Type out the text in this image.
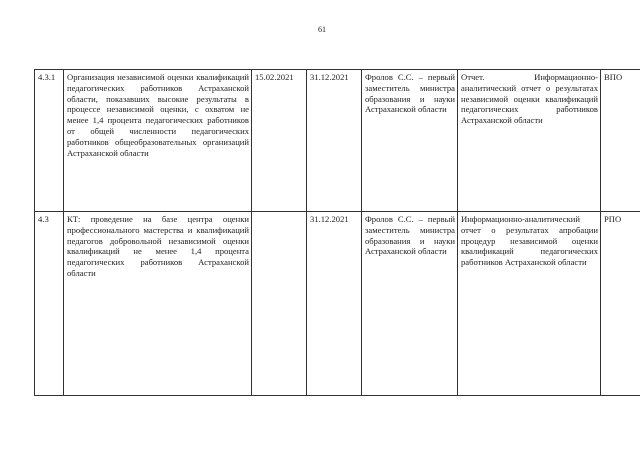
61
4.3.1	Организация независимой оценки квалификаций педагогических работников Астраханской области, показавших высокие результаты в процессе независимой оценки, с охватом не менее 1,4 процента педагогических работников от общей численности педагогических работников общеобразовательных организаций Астраханской области	15.02.2021	31.12.2021	Фролов С.С. – первый заместитель министра образования и науки Астраханской области	Отчет. Информационно-аналитический отчет о результатах независимой оценки квалификаций педагогических работников Астраханской области	ВПО
4.3	КТ: проведение на базе центра оценки профессионального мастерства и квалификаций педагогов добровольной независимой оценки квалификаций не менее 1,4 процента педагогических работников Астраханской области		31.12.2021	Фролов С.С. – первый заместитель министра образования и науки Астраханской области	Информационно-аналитический отчет о результатах апробации процедур независимой оценки квалификаций педагогических работников Астраханской области	РПО
